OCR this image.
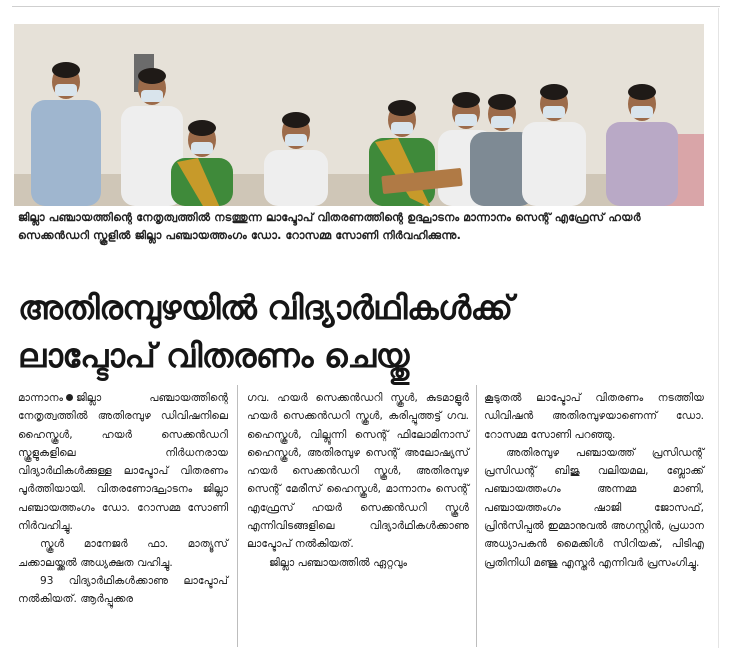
ജില്ലാ പഞ്ചായത്തിന്റെ നേതൃത്വത്തിൽ നടത്തുന്ന ലാപ്ടോപ് വിതരണത്തിന്റെ ഉദ്ഘാടനം മാന്നാനം സെന്റ് എഫ്രേസ് ഹയർ സെക്കൻഡറി സ്കൂളിൽ ജില്ലാ പഞ്ചായത്തംഗം ഡോ. റോസമ്മ സോണി നിർവഹിക്കുന്നു.
അതിരമ്പുഴയിൽ വിദ്യാർഥികൾക്ക്
ലാപ്ടോപ് വിതരണം ചെയ്തു

മാന്നാനം ജില്ലാ പഞ്ചായത്തിന്റെ നേതൃത്വത്തിൽ അതിരമ്പുഴ ഡിവിഷനിലെ ഹൈസ്കൂൾ, ഹയർ സെക്കൻഡറി സ്കൂളുകളിലെ നിർധനരായ വിദ്യാർഥികൾക്കുള്ള ലാപ്ടോപ് വിതരണം പൂർത്തിയായി. വിതരണോദ്ഘാടനം ജില്ലാ പഞ്ചായത്തംഗം ഡോ. റോസമ്മ സോണി നിർവഹിച്ചു.

സ്കൂൾ മാനേജർ ഫാ. മാത്യൂസ് ചക്കാലയ്ക്കൽ അധ്യക്ഷത വഹിച്ചു.

93 വിദ്യാർഥികൾക്കാണു ലാപ്ടോപ് നൽകിയത്. ആർപ്പൂക്കര

ഗവ. ഹയർ സെക്കൻഡറി സ്കൂൾ, കുടമാളൂർ ഹയർ സെക്കൻഡറി സ്കൂൾ, കരിപ്പൂത്തട്ട് ഗവ. ഹൈസ്കൂൾ, വില്ലൂന്നി സെന്റ് ഫിലോമിനാസ് ഹൈസ്കൂൾ, അതിരമ്പുഴ സെന്റ് അലോഷ്യസ് ഹയർ സെക്കൻഡറി സ്കൂൾ, അതിരമ്പുഴ സെന്റ് മേരീസ് ഹൈസ്കൂൾ, മാന്നാനം സെന്റ് എഫ്രേസ് ഹയർ സെക്കൻഡറി സ്കൂൾ എന്നിവിടങ്ങളിലെ വിദ്യാർഥികൾക്കാണു ലാപ്ടോപ് നൽകിയത്.

ജില്ലാ പഞ്ചായത്തിൽ ഏറ്റവും

കൂടുതൽ ലാപ്ടോപ് വിതരണം നടത്തിയ ഡിവിഷൻ അതിരമ്പുഴയാണെന്ന് ഡോ. റോസമ്മ സോണി പറഞ്ഞു.

അതിരമ്പുഴ പഞ്ചായത്ത് പ്രസിഡന്റ് പ്രസിഡന്റ് ബിജു വലിയമല, ബ്ലോക്ക് പഞ്ചായത്തംഗം അന്നമ്മ മാണി, പഞ്ചായത്തംഗം ഷാജി ജോസഫ്, പ്രിൻസിപ്പൽ ഇമ്മാനുവൽ അഗസ്റ്റിൻ, പ്രധാന അധ്യാപകൻ മൈക്കിൾ സിറിയക്, പിടിഎ പ്രതിനിധി മഞ്ജു എസ്തർ എന്നിവർ പ്രസംഗിച്ചു.
